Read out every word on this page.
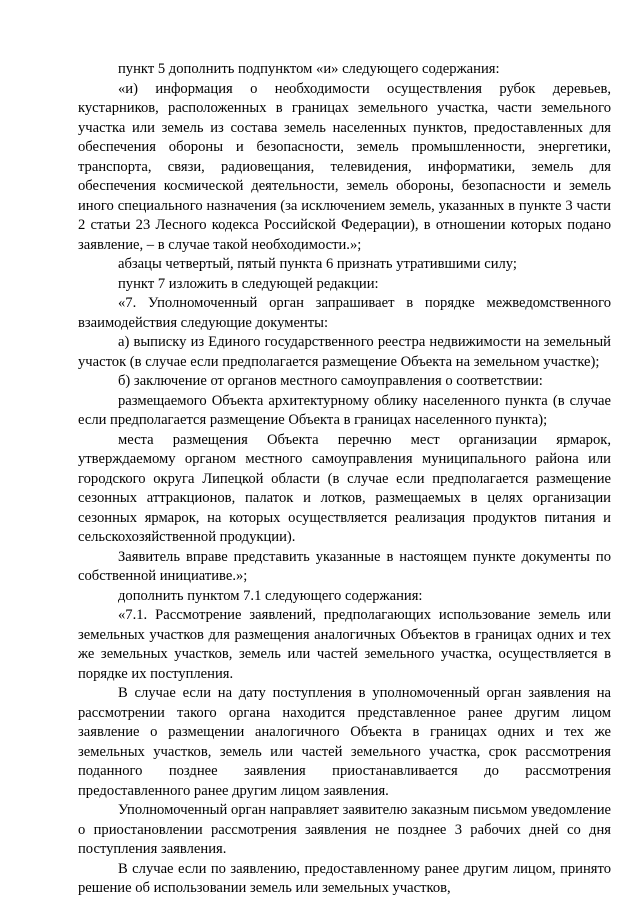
пункт 5 дополнить подпунктом «и» следующего содержания:

«и) информация о необходимости осуществления рубок деревьев, кустарников, расположенных в границах земельного участка, части земельного участка или земель из состава земель населенных пунктов, предоставленных для обеспечения обороны и безопасности, земель промышленности, энергетики, транспорта, связи, радиовещания, телевидения, информатики, земель для обеспечения космической деятельности, земель обороны, безопасности и земель иного специального назначения (за исключением земель, указанных в пункте 3 части 2 статьи 23 Лесного кодекса Российской Федерации), в отношении которых подано заявление, – в случае такой необходимости.»;

абзацы четвертый, пятый пункта 6 признать утратившими силу;

пункт 7 изложить в следующей редакции:

«7. Уполномоченный орган запрашивает в порядке межведомственного взаимодействия следующие документы:

а) выписку из Единого государственного реестра недвижимости на земельный участок (в случае если предполагается размещение Объекта на земельном участке);

б) заключение от органов местного самоуправления о соответствии:

размещаемого Объекта архитектурному облику населенного пункта (в случае если предполагается размещение Объекта в границах населенного пункта);

места размещения Объекта перечню мест организации ярмарок, утверждаемому органом местного самоуправления муниципального района или городского округа Липецкой области (в случае если предполагается размещение сезонных аттракционов, палаток и лотков, размещаемых в целях организации сезонных ярмарок, на которых осуществляется реализация продуктов питания и сельскохозяйственной продукции).

Заявитель вправе представить указанные в настоящем пункте документы по собственной инициативе.»;

дополнить пунктом 7.1 следующего содержания:

«7.1. Рассмотрение заявлений, предполагающих использование земель или земельных участков для размещения аналогичных Объектов в границах одних и тех же земельных участков, земель или частей земельного участка, осуществляется в порядке их поступления.

В случае если на дату поступления в уполномоченный орган заявления на рассмотрении такого органа находится представленное ранее другим лицом заявление о размещении аналогичного Объекта в границах одних и тех же земельных участков, земель или частей земельного участка, срок рассмотрения поданного позднее заявления приостанавливается до рассмотрения предоставленного ранее другим лицом заявления.

Уполномоченный орган направляет заявителю заказным письмом уведомление о приостановлении рассмотрения заявления не позднее 3 рабочих дней со дня поступления заявления.

В случае если по заявлению, предоставленному ранее другим лицом, принято решение об использовании земель или земельных участков,
